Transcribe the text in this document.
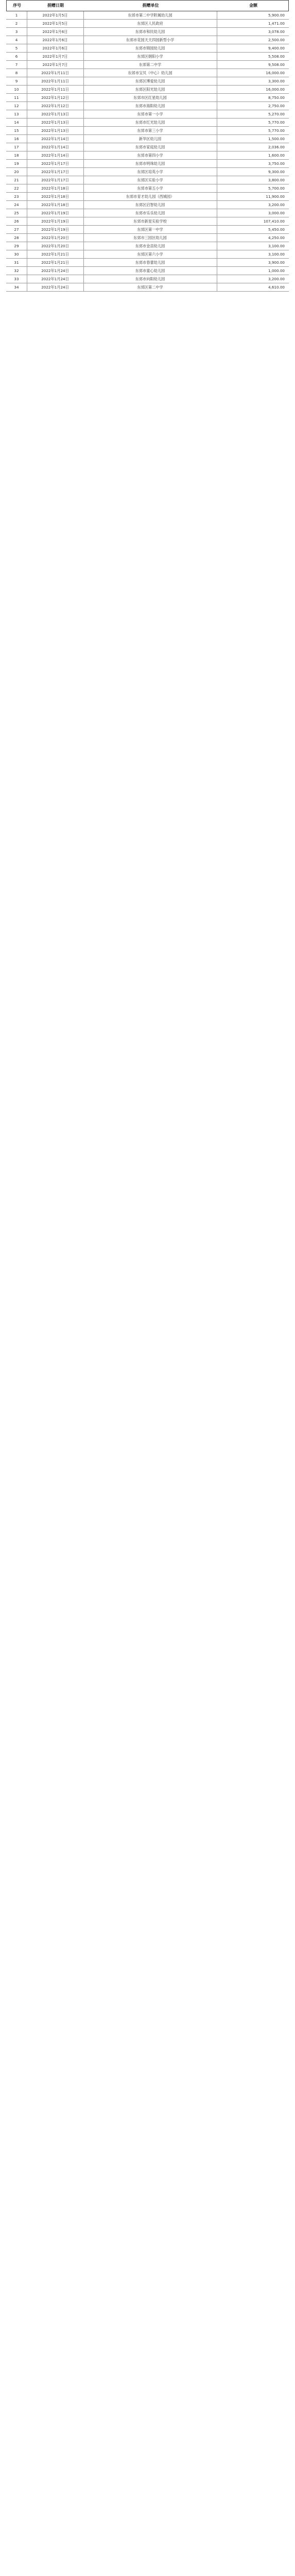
序号	捐赠日期	捐赠单位	金额
1	2022年1月5日	东郊市第二中学附属幼儿园	5,900.00
2	2022年1月5日	东郊区人民政府	1,471.00
3	2022年1月6日	东郊市和民幼儿园	3,078.00
4	2022年1月6日	东郊市花园天天四园新型小学	2,500.00
5	2022年1月6日	东郊市锦园幼儿园	9,400.00
6	2022年1月7日	东郊区朝阳小学	5,508.00
7	2022年1月7日	东郊第二中学	9,508.00
8	2022年1月11日	东郊市宝贝（中心）幼儿园	16,000.00
9	2022年1月11日	东郊区博爱幼儿园	3,300.00
10	2022年1月11日	东郊区阳光幼儿园	16,000.00
11	2022年1月12日	东郊市区红星幼儿园	8,750.00
12	2022年1月12日	东郊市海阳幼儿园	2,750.00
13	2022年1月13日	东郊市第一小学	5,270.00
14	2022年1月13日	东郊市红光幼儿园	5,770.00
15	2022年1月13日	东郊市第三小学	5,770.00
16	2022年1月14日	新华区幼儿园	1,500.00
17	2022年1月14日	东郊市家庭幼儿园	2,036.00
18	2022年1月14日	东郊市第四小学	1,600.00
19	2022年1月17日	东郊市明珠幼儿园	3,750.00
20	2022年1月17日	东郊区培英小学	9,300.00
21	2022年1月17日	东郊区实验小学	3,800.00
22	2022年1月18日	东郊市第五小学	5,700.00
23	2022年1月18日	东郊市育才幼儿园（西城园）	11,900.00
24	2022年1月18日	东郊区启智幼儿园	3,200.00
25	2022年1月19日	东郊市乐乐幼儿园	3,000.00
26	2022年1月19日	东郊市新星实验学校	107,410.00
27	2022年1月19日	东郊区第一中学	5,450.00
28	2022年1月20日	东郊市三园区幼儿园	4,250.00
29	2022年1月20日	东郊市金苗幼儿园	3,100.00
30	2022年1月21日	东郊区第六小学	3,100.00
31	2022年1月21日	东郊市春蕾幼儿园	3,900.00
32	2022年1月24日	东郊市童心幼儿园	1,000.00
33	2022年1月24日	东郊市向阳幼儿园	3,200.00
34	2022年1月24日	东郊区第二中学	4,610.00
